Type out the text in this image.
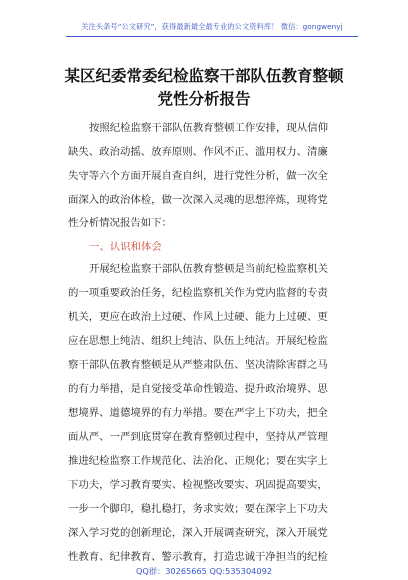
关注头条号“公文研究”，获得最新最全最专业的公文资料库！ 微信：gongwenyj
某区纪委常委纪检监察干部队伍教育整顿
党性分析报告
按照纪检监察干部队伍教育整顿工作安排，现从信仰
缺失、政治动摇、放弃原则、作风不正、滥用权力、清廉
失守等六个方面开展自查自纠，进行党性分析，做一次全
面深入的政治体检，做一次深入灵魂的思想淬炼，现将党
性分析情况报告如下：
一、认识和体会
开展纪检监察干部队伍教育整顿是当前纪检监察机关
的一项重要政治任务，纪检监察机关作为党内监督的专责
机关，更应在政治上过硬、作风上过硬、能力上过硬、更
应在思想上纯洁、组织上纯洁、队伍上纯洁。开展纪检监
察干部队伍教育整顿是从严整肃队伍、坚决清除害群之马
的有力举措，是自觉接受革命性锻造、提升政治境界、思
想境界、道德境界的有力举措。要在严字上下功夫，把全
面从严、一严到底贯穿在教育整顿过程中，坚持从严管理
推进纪检监察工作规范化、法治化、正规化；要在实字上
下功夫，学习教育要实、检视整改要实、巩固提高要实，
一步一个脚印，稳扎稳打，务求实效；要在深字上下功夫
深入学习党的创新理论，深入开展调查研究，深入开展党
性教育、纪律教育、警示教育，打造忠诚干净担当的纪检
QQ群：30265665 QQ:535304092
